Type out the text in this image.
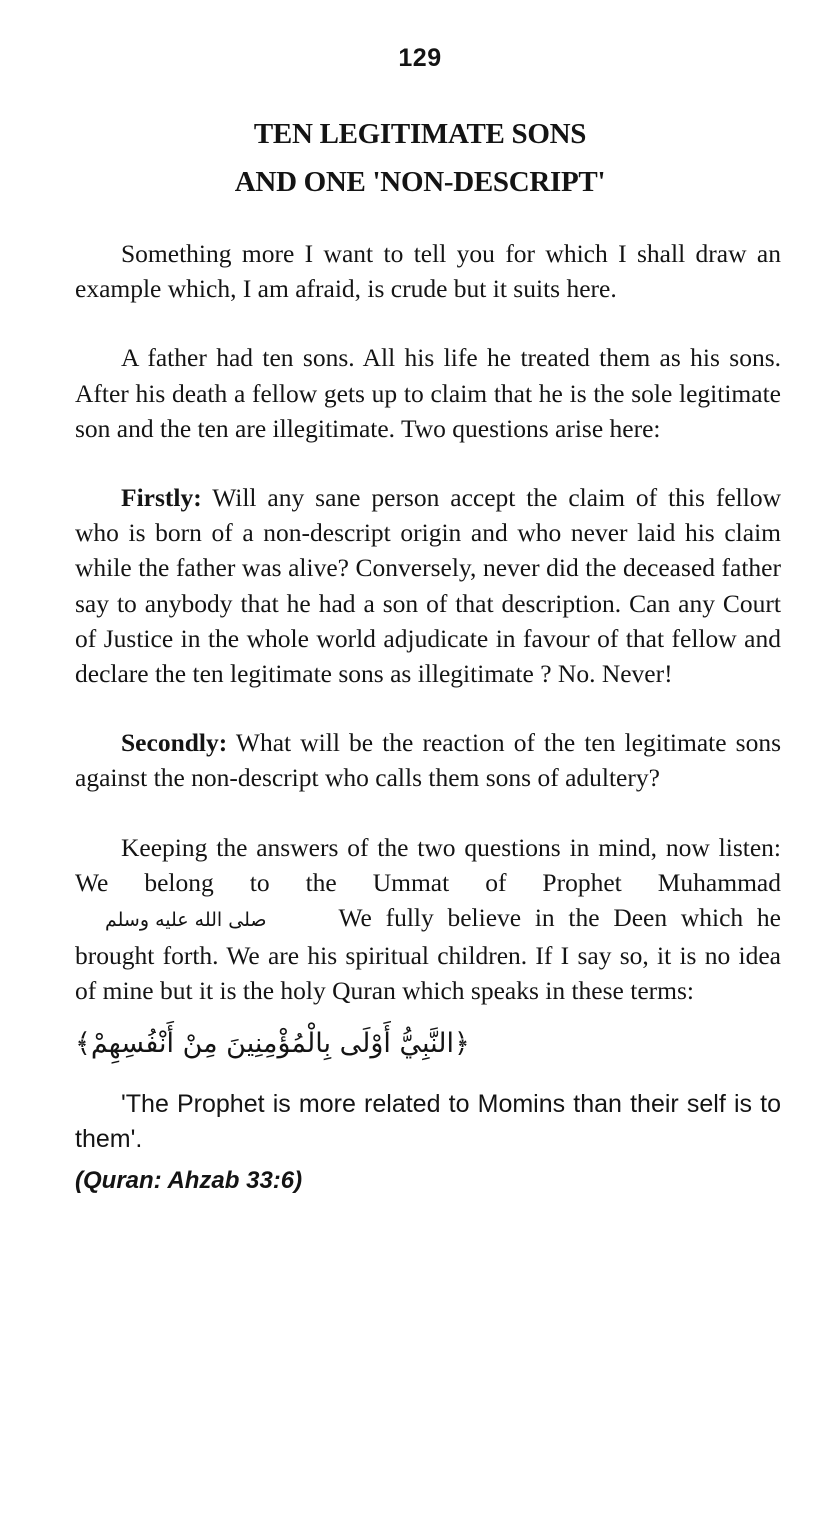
129
TEN LEGITIMATE SONS
AND ONE 'NON-DESCRIPT'

Something more I want to tell you for which I shall draw an example which, I am afraid, is crude but it suits here.

A father had ten sons. All his life he treated them as his sons. After his death a fellow gets up to claim that he is the sole legitimate son and the ten are illegitimate. Two questions arise here:

Firstly: Will any sane person accept the claim of this fellow who is born of a non-descript origin and who never laid his claim while the father was alive? Conversely, never did the deceased father say to anybody that he had a son of that description. Can any Court of Justice in the whole world adjudicate in favour of that fellow and declare the ten legitimate sons as illegitimate ? No. Never!

Secondly: What will be the reaction of the ten legitimate sons against the non-descript who calls them sons of adultery?

Keeping the answers of the two questions in mind, now listen: We belong to the Ummat of Prophet Muhammadصلى الله عليه وسلم	We fully believe in the Deen which he brought forth. We are his spiritual children. If I say so, it is no idea of mine but it is the holy Quran which speaks in these terms:

﴿النَّبِيُّ أَوْلَى بِالْمُؤْمِنِينَ مِنْ أَنْفُسِهِمْ﴾

'The Prophet is more related to Momins than their self is to them'.

(Quran: Ahzab 33:6)
